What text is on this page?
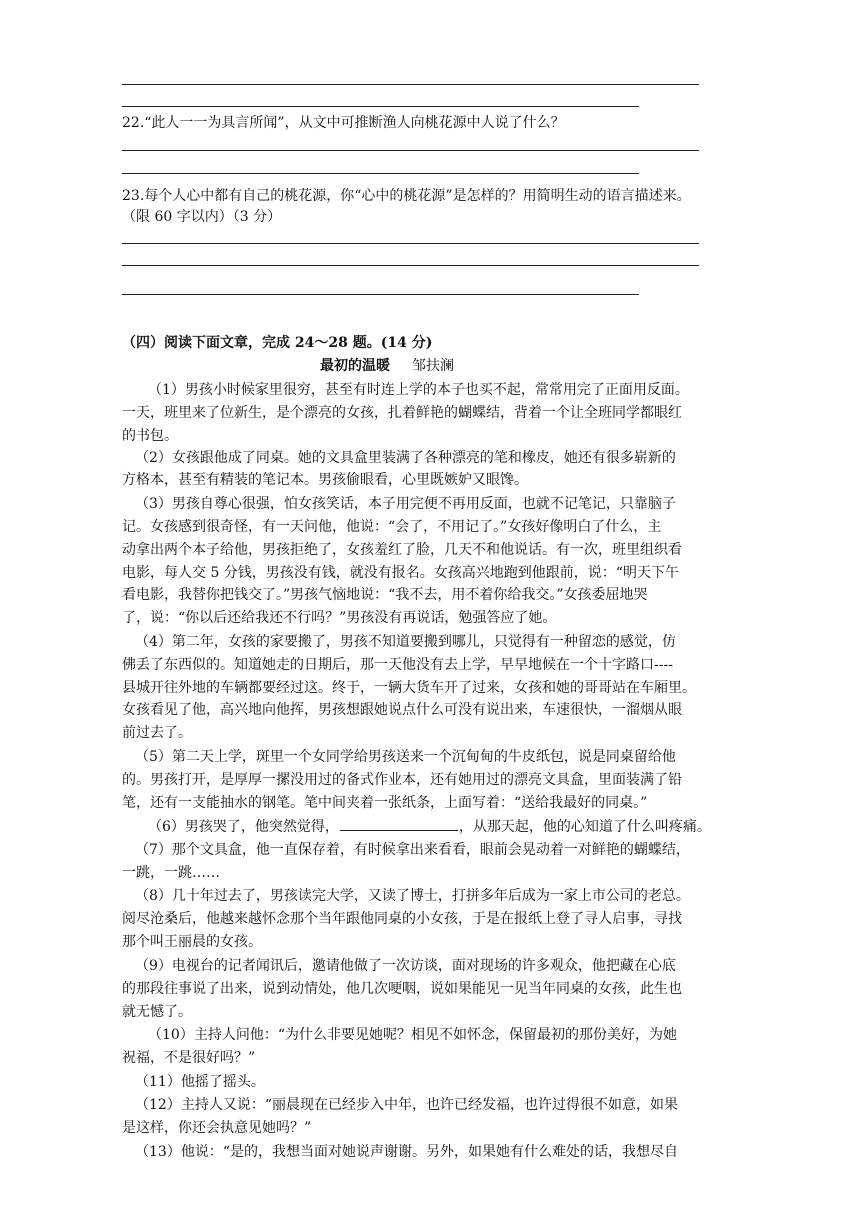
22.“此人一一为具言所闻”，从文中可推断渔人向桃花源中人说了什么？
23.每个人心中都有自己的桃花源，你“心中的桃花源”是怎样的？用简明生动的语言描述来。
（限 60 字以内）（3 分）
（四）阅读下面文章，完成 24～28 题。(14 分)
最初的温暖 邹扶澜
（1）男孩小时候家里很穷，甚至有时连上学的本子也买不起，常常用完了正面用反面。
一天，班里来了位新生，是个漂亮的女孩，扎着鲜艳的蝴蝶结，背着一个让全班同学都眼红
的书包。
（2）女孩跟他成了同桌。她的文具盒里装满了各种漂亮的笔和橡皮，她还有很多崭新的
方格本，甚至有精装的笔记本。男孩偷眼看，心里既嫉妒又眼馋。
（3）男孩自尊心很强，怕女孩笑话，本子用完便不再用反面，也就不记笔记，只靠脑子
记。女孩感到很奇怪，有一天问他，他说：“会了，不用记了。”女孩好像明白了什么，主
动拿出两个本子给他，男孩拒绝了，女孩羞红了脸，几天不和他说话。有一次，班里组织看
电影，每人交 5 分钱，男孩没有钱，就没有报名。女孩高兴地跑到他跟前，说：“明天下午
看电影，我替你把钱交了。”男孩气恼地说：“我不去，用不着你给我交。”女孩委屈地哭
了，说：“你以后还给我还不行吗？”男孩没有再说话，勉强答应了她。
（4）第二年，女孩的家要搬了，男孩不知道要搬到哪儿，只觉得有一种留恋的感觉，仿
佛丢了东西似的。知道她走的日期后，那一天他没有去上学，早早地候在一个十字路口----
县城开往外地的车辆都要经过这。终于，一辆大货车开了过来，女孩和她的哥哥站在车厢里。
女孩看见了他，高兴地向他挥，男孩想跟她说点什么可没有说出来，车速很快，一溜烟从眼
前过去了。
（5）第二天上学，斑里一个女同学给男孩送来一个沉甸甸的牛皮纸包，说是同桌留给他
的。男孩打开，是厚厚一摞没用过的备式作业本，还有她用过的漂亮文具盒，里面装满了铅
笔，还有一支能抽水的钢笔。笔中间夹着一张纸条，上面写着：“送给我最好的同桌。”
（6）男孩哭了，他突然觉得，	，从那天起，他的心知道了什么叫疼痛。
（7）那个文具盒，他一直保存着，有时候拿出来看看，眼前会晃动着一对鲜艳的蝴蝶结，
一跳，一跳……
（8）几十年过去了，男孩读完大学，又读了博士，打拼多年后成为一家上市公司的老总。
阅尽沧桑后，他越来越怀念那个当年跟他同桌的小女孩，于是在报纸上登了寻人启事，寻找
那个叫王丽晨的女孩。
（9）电视台的记者闻讯后，邀请他做了一次访谈，面对现场的许多观众，他把藏在心底
的那段往事说了出来，说到动情处，他几次哽咽，说如果能见一见当年同桌的女孩，此生也
就无憾了。
（10）主持人问他：“为什么非要见她呢？相见不如怀念，保留最初的那份美好，为她
祝福，不是很好吗？”
（11）他摇了摇头。
（12）主持人又说：“丽晨现在已经步入中年，也许已经发福，也许过得很不如意，如果
是这样，你还会执意见她吗？”
（13）他说：“是的，我想当面对她说声谢谢。另外，如果她有什么难处的话，我想尽自
